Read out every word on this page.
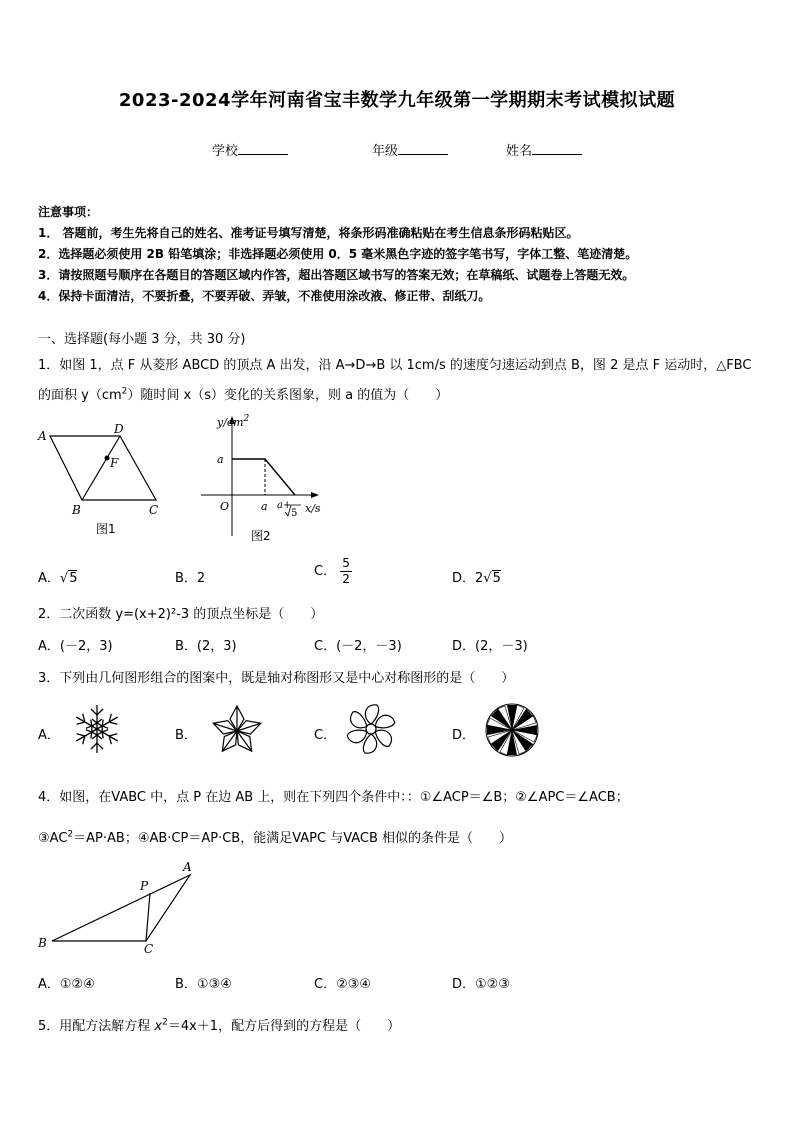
2023-2024学年河南省宝丰数学九年级第一学期期末考试模拟试题
学校	年级	姓名
注意事项：
1． 答题前，考生先将自己的姓名、准考证号填写清楚，将条形码准确粘贴在考生信息条形码粘贴区。
2．选择题必须使用 2B 铅笔填涂；非选择题必须使用 0．5 毫米黑色字迹的签字笔书写，字体工整、笔迹清楚。
3．请按照题号顺序在各题目的答题区域内作答，超出答题区域书写的答案无效；在草稿纸、试题卷上答题无效。
4．保持卡面清洁，不要折叠，不要弄破、弄皱，不准使用涂改液、修正带、刮纸刀。
一、选择题(每小题 3 分，共 30 分)
1．如图 1，点 F 从菱形 ABCD 的顶点 A 出发，沿 A→D→B 以 1cm/s 的速度匀速运动到点 B，图 2 是点 F 运动时，△FBC
的面积 $y(cm^2)$随时间 x（s）变化的关系图象，则 a 的值为（　　）
A	D
F
B	C
图1
$y/cm^2$
a
O	a a+
5 x/s
图2
A．√5	B．2	C． $\frac{5}{2}$	D．2√5
2．二次函数 y=(x+2)²-3 的顶点坐标是（　　）
A．(－2，3)	B．(2，3)	C．(－2，－3)	D．(2，－3)
3．下列由几何图形组合的图案中，既是轴对称图形又是中心对称图形的是（　　）
A．	B．	C．	D．
4．如图，在VABC 中，点 P 在边 AB 上，则在下列四个条件中：：①∠ACP＝∠B；②∠APC＝∠ACB；
$③AC^2=AP\cdot AB$；④AB·CP＝AP·CB，能满足VAPC 与VACB 相似的条件是（　　）
A
P
B	C
A．①②④	B．①③④	C．②③④	D．①②③
5．用配方法解方程 $x^2=4x+1$，配方后得到的方程是（　　）
